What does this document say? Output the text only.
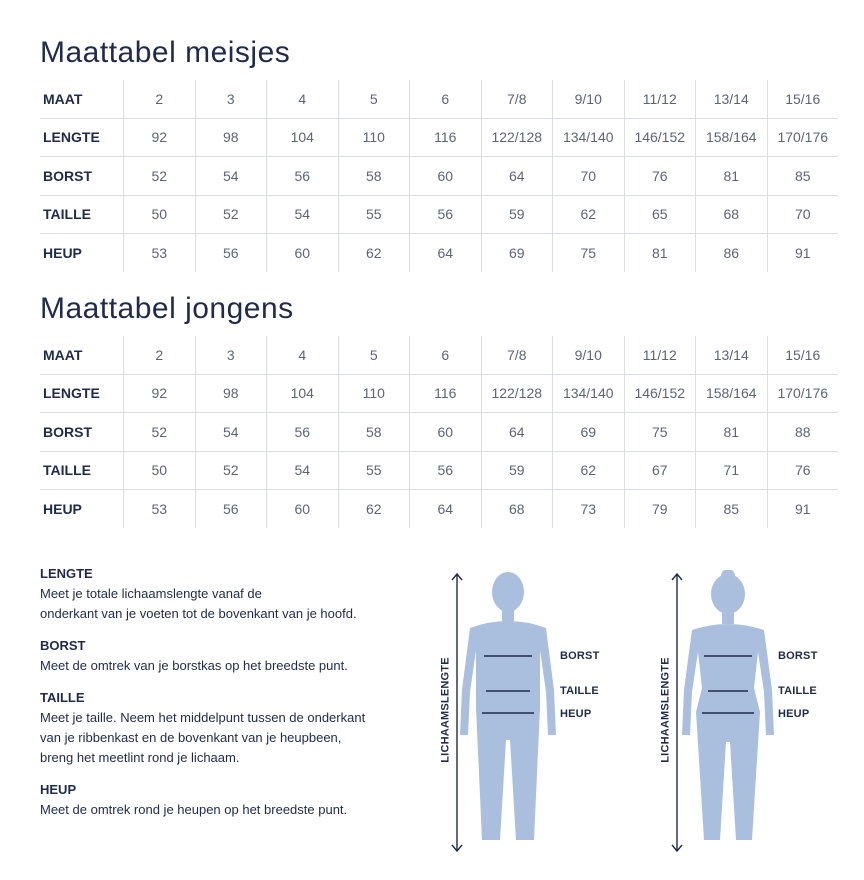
Maattabel meisjes
MAAT	2	3	4	5	6	7/8	9/10	11/12	13/14	15/16
LENGTE	92	98	104	110	116	122/128	134/140	146/152	158/164	170/176
BORST	52	54	56	58	60	64	70	76	81	85
TAILLE	50	52	54	55	56	59	62	65	68	70
HEUP	53	56	60	62	64	69	75	81	86	91
Maattabel jongens
MAAT	2	3	4	5	6	7/8	9/10	11/12	13/14	15/16
LENGTE	92	98	104	110	116	122/128	134/140	146/152	158/164	170/176
BORST	52	54	56	58	60	64	69	75	81	88
TAILLE	50	52	54	55	56	59	62	67	71	76
HEUP	53	56	60	62	64	68	73	79	85	91
LENGTE
Meet je totale lichaamslengte vanaf de
onderkant van je voeten tot de bovenkant van je hoofd.
BORST
Meet de omtrek van je borstkas op het breedste punt.
TAILLE
Meet je taille. Neem het middelpunt tussen de onderkant
van je ribbenkast en de bovenkant van je heupbeen,
breng het meetlint rond je lichaam.
HEUP
Meet de omtrek rond je heupen op het breedste punt.
LICHAAMSLENGTE
BORST
TAILLE
HEUP	LICHAAMSLENGTE
BORST
TAILLE
HEUP
